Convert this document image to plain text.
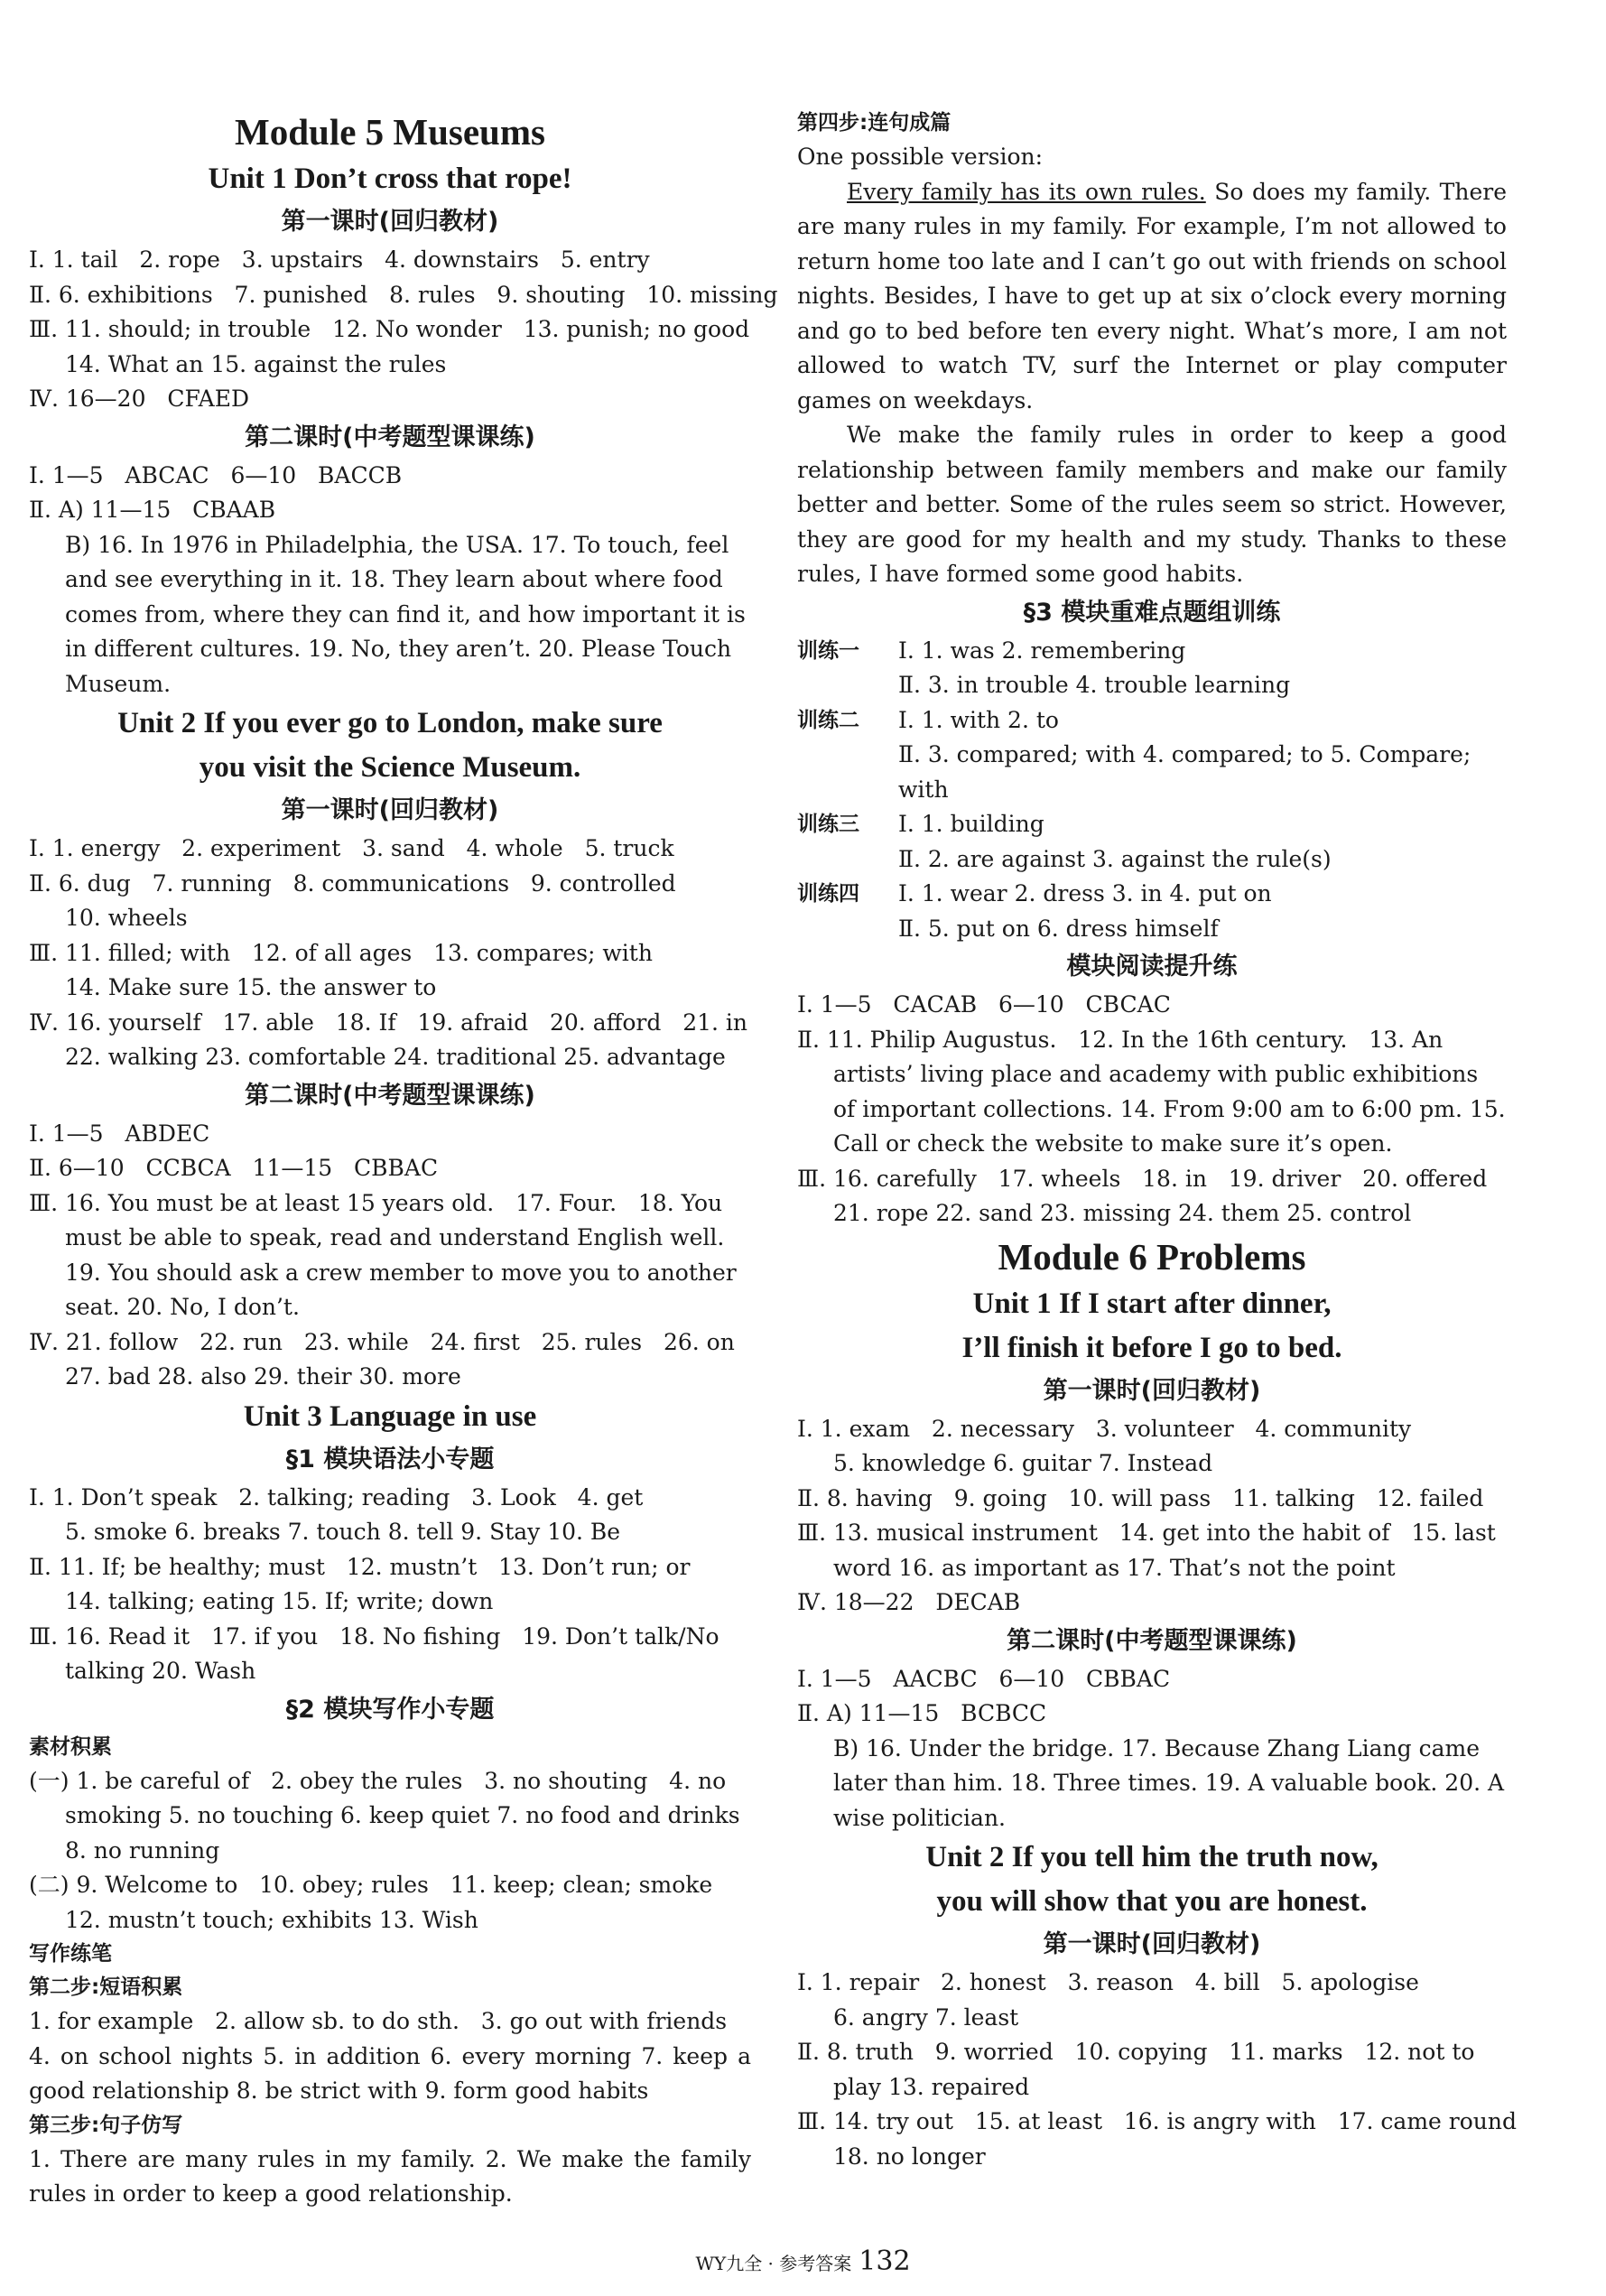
Module 5 Museums
Unit 1 Don’t cross that rope!
第一课时(回归教材)
Ⅰ. 1. tail   2. rope   3. upstairs   4. downstairs   5. entry
Ⅱ. 6. exhibitions   7. punished   8. rules   9. shouting   10. missing
Ⅲ. 11. should; in trouble   12. No wonder   13. punish; no good
14. What an 15. against the rules
Ⅳ. 16—20   CFAED
第二课时(中考题型课课练)
Ⅰ. 1—5   ABCAC   6—10   BACCB
Ⅱ. A) 11—15   CBAAB
B) 16. In 1976 in Philadelphia, the USA. 17. To touch, feel and see everything in it. 18. They learn about where food comes from, where they can find it, and how important it is in different cultures. 19. No, they aren’t. 20. Please Touch Museum.
Unit 2 If you ever go to London, make sure
you visit the Science Museum.
第一课时(回归教材)
Ⅰ. 1. energy   2. experiment   3. sand   4. whole   5. truck
Ⅱ. 6. dug   7. running   8. communications   9. controlled
10. wheels
Ⅲ. 11. filled; with   12. of all ages   13. compares; with
14. Make sure 15. the answer to
Ⅳ. 16. yourself   17. able   18. If   19. afraid   20. afford   21. in
22. walking 23. comfortable 24. traditional 25. advantage
第二课时(中考题型课课练)
Ⅰ. 1—5   ABDEC
Ⅱ. 6—10   CCBCA   11—15   CBBAC
Ⅲ. 16. You must be at least 15 years old.   17. Four.   18. You
must be able to speak, read and understand English well. 19. You should ask a crew member to move you to another seat. 20. No, I don’t.
Ⅳ. 21. follow   22. run   23. while   24. first   25. rules   26. on
27. bad 28. also 29. their 30. more
Unit 3 Language in use
§1 模块语法小专题
Ⅰ. 1. Don’t speak   2. talking; reading   3. Look   4. get
5. smoke 6. breaks 7. touch 8. tell 9. Stay 10. Be
Ⅱ. 11. If; be healthy; must   12. mustn’t   13. Don’t run; or
14. talking; eating 15. If; write; down
Ⅲ. 16. Read it   17. if you   18. No fishing   19. Don’t talk/No
talking 20. Wash
§2 模块写作小专题
素材积累
(一) 1. be careful of   2. obey the rules   3. no shouting   4. no
smoking 5. no touching 6. keep quiet 7. no food and drinks 8. no running
(二) 9. Welcome to   10. obey; rules   11. keep; clean; smoke
12. mustn’t touch; exhibits 13. Wish
写作练笔
第二步:短语积累
1. for example   2. allow sb. to do sth.   3. go out with friends
4. on school nights 5. in addition 6. every morning 7. keep a good relationship 8. be strict with 9. form good habits
第三步:句子仿写
1. There are many rules in my family. 2. We make the family rules in order to keep a good relationship.
第四步:连句成篇
One possible version:
Every family has its own rules. So does my family. There are many rules in my family. For example, I’m not allowed to return home too late and I can’t go out with friends on school nights. Besides, I have to get up at six o’clock every morning and go to bed before ten every night. What’s more, I am not allowed to watch TV, surf the Internet or play computer games on weekdays.
We make the family rules in order to keep a good relationship between family members and make our family better and better. Some of the rules seem so strict. However, they are good for my health and my study. Thanks to these rules, I have formed some good habits.
§3 模块重难点题组训练
训练一	Ⅰ. 1. was 2. remembering
Ⅱ. 3. in trouble 4. trouble learning
训练二	Ⅰ. 1. with 2. to
Ⅱ. 3. compared; with 4. compared; to 5. Compare; with
训练三	Ⅰ. 1. building
Ⅱ. 2. are against 3. against the rule(s)
训练四	Ⅰ. 1. wear 2. dress 3. in 4. put on
Ⅱ. 5. put on 6. dress himself
模块阅读提升练
Ⅰ. 1—5   CACAB   6—10   CBCAC
Ⅱ. 11. Philip Augustus.   12. In the 16th century.   13. An
artists’ living place and academy with public exhibitions of important collections. 14. From 9:00 am to 6:00 pm. 15. Call or check the website to make sure it’s open.
Ⅲ. 16. carefully   17. wheels   18. in   19. driver   20. offered
21. rope 22. sand 23. missing 24. them 25. control
Module 6 Problems
Unit 1 If I start after dinner,
I’ll finish it before I go to bed.
第一课时(回归教材)
Ⅰ. 1. exam   2. necessary   3. volunteer   4. community
5. knowledge 6. guitar 7. Instead
Ⅱ. 8. having   9. going   10. will pass   11. talking   12. failed
Ⅲ. 13. musical instrument   14. get into the habit of   15. last
word 16. as important as 17. That’s not the point
Ⅳ. 18—22   DECAB
第二课时(中考题型课课练)
Ⅰ. 1—5   AACBC   6—10   CBBAC
Ⅱ. A) 11—15   BCBCC
B) 16. Under the bridge. 17. Because Zhang Liang came later than him. 18. Three times. 19. A valuable book. 20. A wise politician.
Unit 2 If you tell him the truth now,
you will show that you are honest.
第一课时(回归教材)
Ⅰ. 1. repair   2. honest   3. reason   4. bill   5. apologise
6. angry 7. least
Ⅱ. 8. truth   9. worried   10. copying   11. marks   12. not to
play 13. repaired
Ⅲ. 14. try out   15. at least   16. is angry with   17. came round
18. no longer
WY九全 · 参考答案 132
